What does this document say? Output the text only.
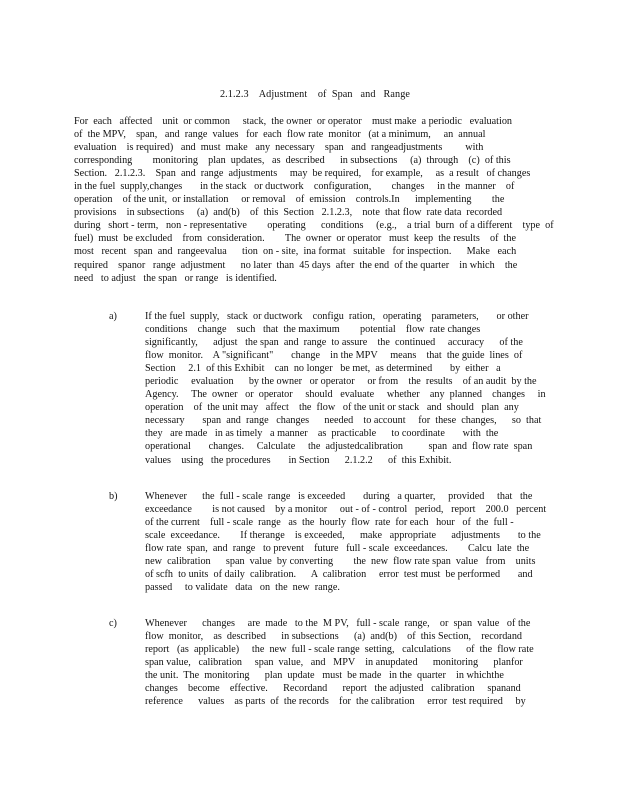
2.1.2.3    Adjustment    of  Span   and   Range
For  each   affected    unit  or common     stack,  the owner  or operator    must make  a periodic   evaluation
of  the MPV,    span,   and  range  values   for  each  flow rate  monitor   (at a minimum,     an  annual
evaluation    is required)   and  must  make   any  necessary    span   and  rangeadjustments         with
corresponding        monitoring    plan  updates,   as  described      in subsections     (a)  through    (c)  of this
Section.   2.1.2.3.    Span  and  range  adjustments     may  be required,    for example,     as  a result   of changes
in the fuel  supply,changes       in the stack   or ductwork    configuration,        changes     in the  manner    of
operation    of the unit,  or installation     or removal    of  emission    controls.In      implementing        the
provisions    in subsections     (a)  and(b)    of  this  Section   2.1.2.3,    note  that flow  rate data  recorded
during   short - term,   non - representative        operating      conditions     (e.g.,    a trial  burn  of a different    type  of
fuel)  must  be excluded    from  consideration.        The  owner  or operator   must  keep  the results    of  the
most   recent   span  and  rangeevalua      tion  on - site,  ina format   suitable   for inspection.      Make   each
required    spanor   range  adjustment      no later  than  45 days  after  the end  of the quarter    in which    the
need   to adjust   the span   or range   is identified.
a)	If the fuel  supply,   stack  or ductwork    configu  ration,   operating    parameters,       or other
conditions    change    such   that  the maximum        potential    flow  rate changes
significantly,      adjust   the span  and  range  to assure    the  continued     accuracy      of the
flow  monitor.    A "significant"       change    in the MPV     means    that  the guide  lines  of
Section     2.1  of this Exhibit    can  no longer   be met,  as determined       by  either   a
periodic     evaluation      by the owner   or operator     or from    the  results    of an audit  by the
Agency.     The  owner   or  operator     should   evaluate     whether    any  planned    changes     in
operation    of  the unit may   affect    the  flow   of the unit or stack   and  should   plan  any
necessary       span  and  range   changes      needed    to account     for  these  changes,      so  that
they   are made   in as timely   a manner    as  practicable      to coordinate       with  the
operational       changes.     Calculate     the  adjustedcalibration          span  and  flow rate  span
values    using   the procedures       in Section      2.1.2.2      of  this Exhibit.
b)	Whenever      the  full - scale  range   is exceeded       during   a quarter,     provided     that   the
exceedance        is not caused    by a monitor     out - of - control   period,   report    200.0   percent
of the current    full - scale  range   as  the  hourly  flow  rate  for each   hour   of  the  full -
scale  exceedance.        If therange    is exceeded,      make   appropriate      adjustments       to the
flow rate  span,  and  range   to prevent    future   full - scale  exceedances.        Calcu  late  the
new  calibration      span  value  by converting        the  new  flow rate span  value   from    units
of scfh  to units  of daily  calibration.      A  calibration     error  test must  be performed       and
passed     to validate   data   on  the  new  range.
c)	Whenever      changes     are  made   to the  M PV,   full - scale  range,    or  span  value   of the
flow  monitor,    as  described      in subsections      (a)  and(b)    of  this Section,    recordand
report   (as  applicable)     the  new  full - scale range  setting,   calculations      of  the  flow rate
span value,   calibration     span  value,   and   MPV    in anupdated      monitoring      planfor
the unit.  The  monitoring      plan  update   must  be made   in the  quarter    in whichthe
changes    become    effective.      Recordand      report   the adjusted   calibration     spanand
reference      values    as parts  of  the records    for  the calibration     error  test required     by
